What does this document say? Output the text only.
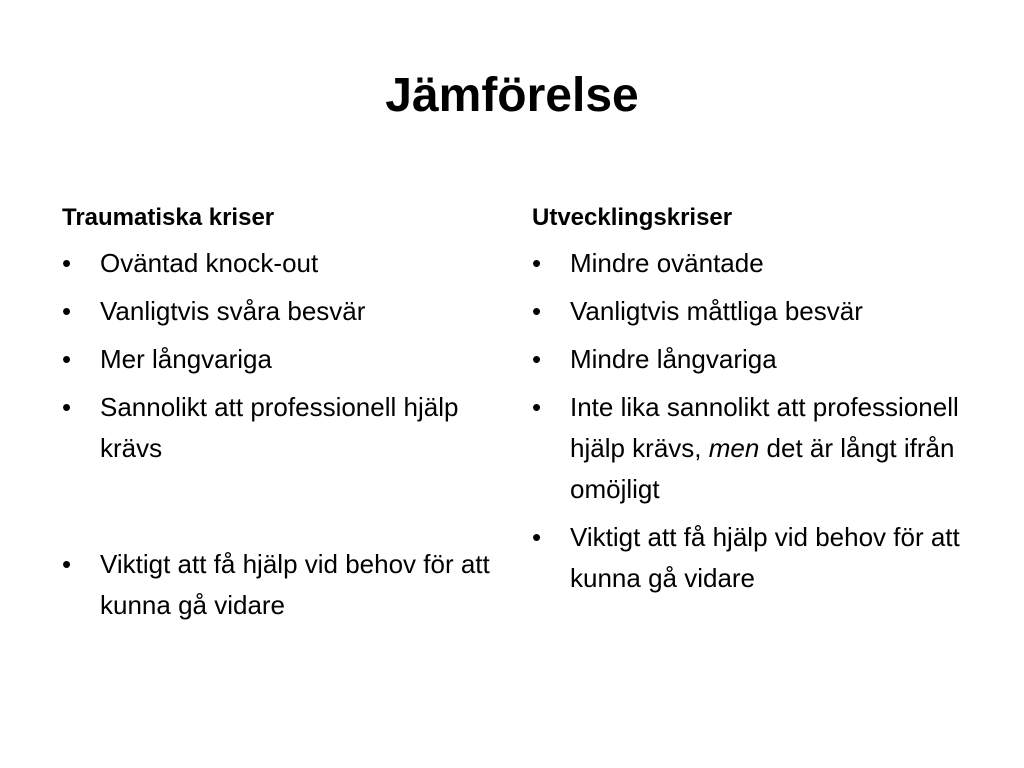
Jämförelse
Traumatiska kriser
•	Oväntad knock-out
•	Vanligtvis svåra besvär
•	Mer långvariga
•	Sannolikt att professionell hjälp krävs
•	Viktigt att få hjälp vid behov för att kunna gå vidare
Utvecklingskriser
•	Mindre oväntade
•	Vanligtvis måttliga besvär
•	Mindre långvariga
•	Inte lika sannolikt att professionell hjälp krävs, men det är långt ifrån omöjligt
•	Viktigt att få hjälp vid behov för att kunna gå vidare
